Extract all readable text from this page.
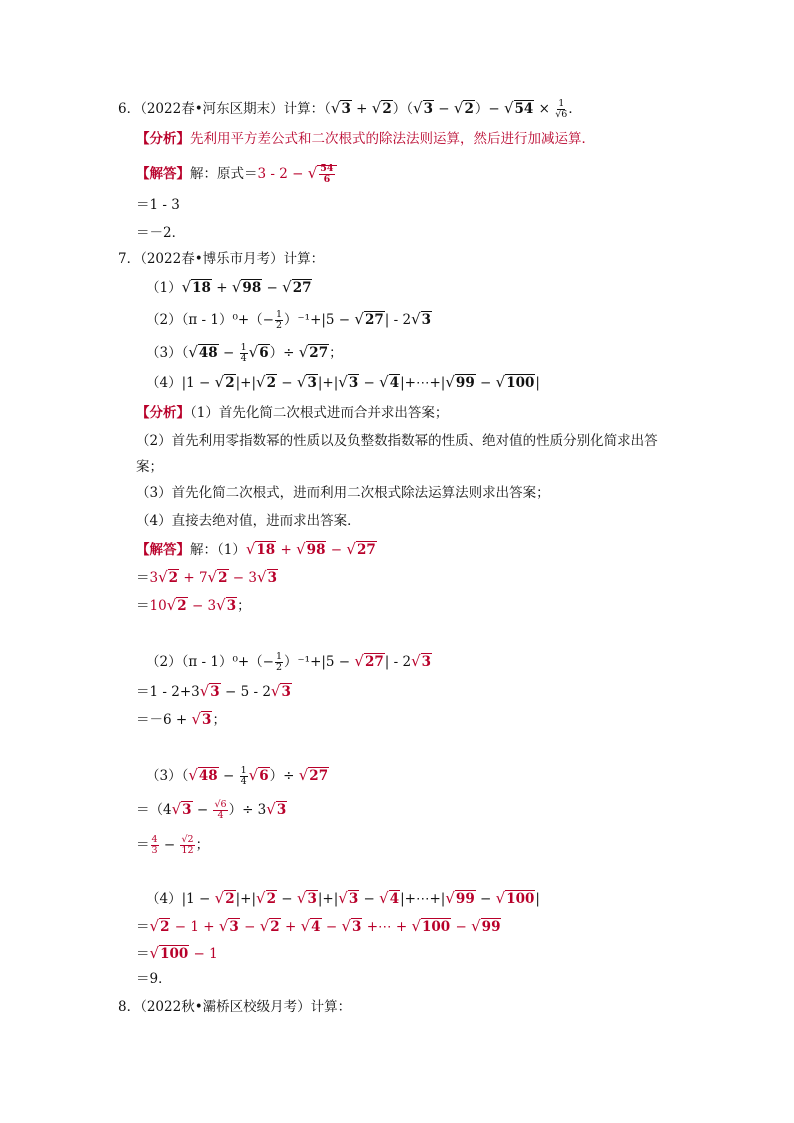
6．（2022春•河东区期末）计算：$(√3 + √2)(√3 - √2)- √54 \times \frac{1}{√6}$ ．
【分析】先利用平方差公式和二次根式的除法法则运算，然后进行加减运算．
【解答】解：原式＝3 - 2 − √ $\frac{54}{6}$
＝1 - 3
＝－2．
7．（2022春•博乐市月考）计算：
（1）√18 + √98 − √27
$(2)(\pi - 1)^0+(- \frac{1}{2} )^{-1}+|5 - √27| - 2√3$
$(3)(√48 - \frac{1}{4} √6)\div √27$；
（4）|1 − √2|+|√2 − √3|+|√3 − √4|+⋯+|√99 − √100|
【分析】（1）首先化简二次根式进而合并求出答案；
（2）首先利用零指数幂的性质以及负整数指数幂的性质、绝对值的性质分别化简求出答
案；
（3）首先化简二次根式，进而利用二次根式除法运算法则求出答案；
（4）直接去绝对值，进而求出答案．
【解答】解：（1）√18 + √98 − √27
＝3√2 + 7√2 − 3√3
＝10√2 − 3√3；
$(2)(\pi - 1)^0+(- \frac{1}{2} )^{-1}+|5 - √27| - 2√3$
＝1 - 2+3√3 − 5 - 2√3
＝－6 + √3；
$(3)(√48 - \frac{1}{4} √6)\div √27$
$=(4√3 - \frac{√6}{4}$ ）÷ 3√3
＝ $\frac{4}{3} - \frac{√2}{12}$ ；
（4）|1 − √2|+|√2 − √3|+|√3 − √4|+⋯+|√99 − √100|
＝√2 − 1 + √3 − √2 + √4 − √3 +⋯ + √100 − √99
＝√100 − 1
＝9．
8．（2022秋•灞桥区校级月考）计算：
